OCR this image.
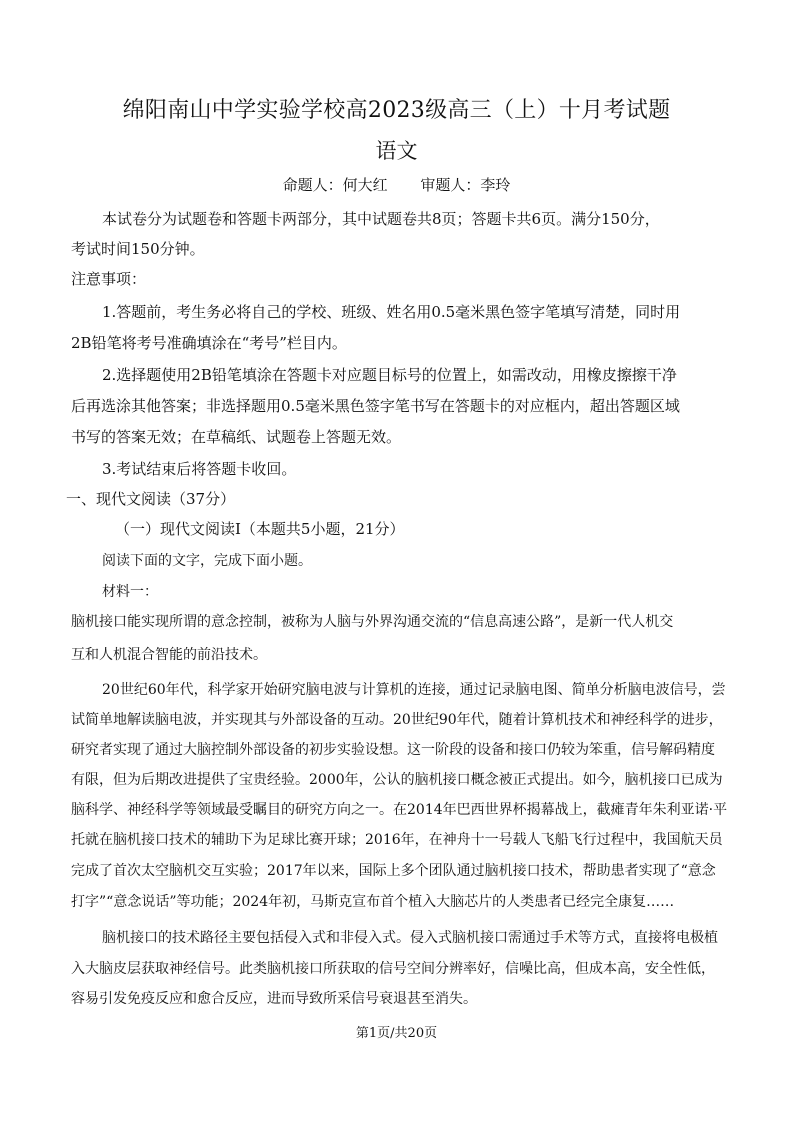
绵阳南山中学实验学校高2023级高三（上）十月考试题
语文
命题人：何大红 审题人：李玲
本试卷分为试题卷和答题卡两部分，其中试题卷共8页；答题卡共6页。满分150分，
考试时间150分钟。
注意事项：
1.答题前，考生务必将自己的学校、班级、姓名用0.5毫米黑色签字笔填写清楚，同时用
2B铅笔将考号准确填涂在“考号”栏目内。
2.选择题使用2B铅笔填涂在答题卡对应题目标号的位置上，如需改动，用橡皮擦擦干净
后再选涂其他答案；非选择题用0.5毫米黑色签字笔书写在答题卡的对应框内，超出答题区域
书写的答案无效；在草稿纸、试题卷上答题无效。
3.考试结束后将答题卡收回。
一、现代文阅读（37分）
（一）现代文阅读Ⅰ（本题共5小题，21分）
阅读下面的文字，完成下面小题。
材料一：
脑机接口能实现所谓的意念控制，被称为人脑与外界沟通交流的“信息高速公路”，是新一代人机交
互和人机混合智能的前沿技术。
20世纪60年代，科学家开始研究脑电波与计算机的连接，通过记录脑电图、简单分析脑电波信号，尝
试简单地解读脑电波，并实现其与外部设备的互动。20世纪90年代，随着计算机技术和神经科学的进步，
研究者实现了通过大脑控制外部设备的初步实验设想。这一阶段的设备和接口仍较为笨重，信号解码精度
有限，但为后期改进提供了宝贵经验。2000年，公认的脑机接口概念被正式提出。如今，脑机接口已成为
脑科学、神经科学等领域最受瞩目的研究方向之一。在2014年巴西世界杯揭幕战上，截瘫青年朱利亚诺·平
托就在脑机接口技术的辅助下为足球比赛开球；2016年，在神舟十一号载人飞船飞行过程中，我国航天员
完成了首次太空脑机交互实验；2017年以来，国际上多个团队通过脑机接口技术，帮助患者实现了“意念
打字”“意念说话”等功能；2024年初，马斯克宣布首个植入大脑芯片的人类患者已经完全康复……
脑机接口的技术路径主要包括侵入式和非侵入式。侵入式脑机接口需通过手术等方式，直接将电极植
入大脑皮层获取神经信号。此类脑机接口所获取的信号空间分辨率好，信噪比高，但成本高，安全性低，
容易引发免疫反应和愈合反应，进而导致所采信号衰退甚至消失。
第1页/共20页
